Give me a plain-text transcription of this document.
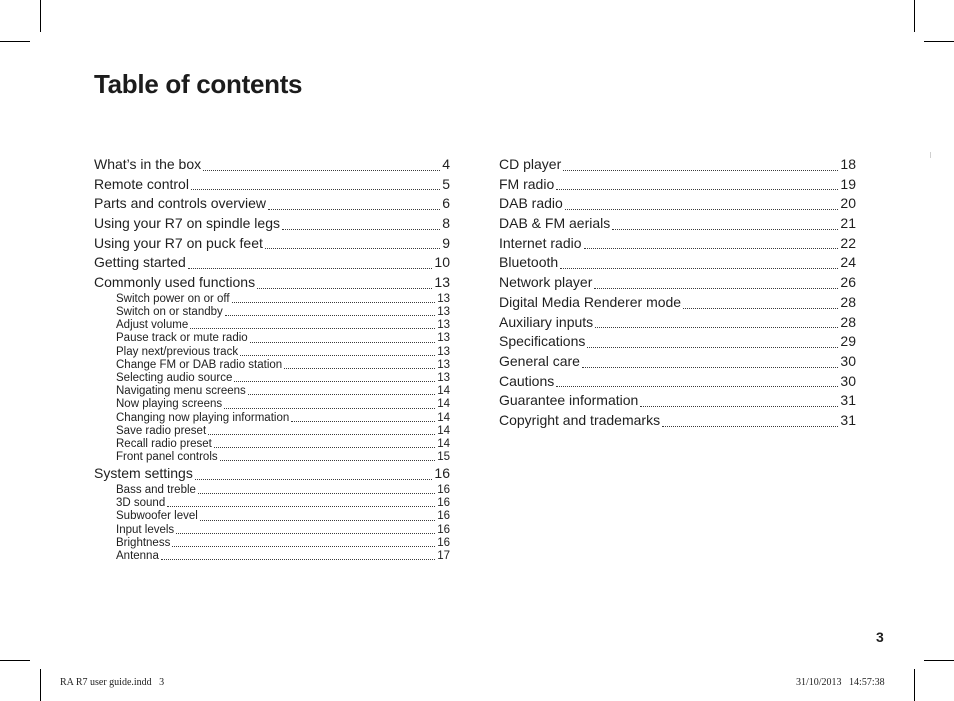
Table of contents
What’s in the box	4
Remote control	5
Parts and controls overview	6
Using your R7 on spindle legs	8
Using your R7 on puck feet	9
Getting started	10
Commonly used functions	13
Switch power on or off	13
Switch on or standby	13
Adjust volume	13
Pause track or mute radio	13
Play next/previous track	13
Change FM or DAB radio station	13
Selecting audio source	13
Navigating menu screens	14
Now playing screens	14
Changing now playing information	14
Save radio preset	14
Recall radio preset	14
Front panel controls	15
System settings	16
Bass and treble	16
3D sound	16
Subwoofer level	16
Input levels	16
Brightness	16
Antenna	17
CD player	18
FM radio	19
DAB radio	20
DAB & FM aerials	21
Internet radio	22
Bluetooth	24
Network player	26
Digital Media Renderer mode	28
Auxiliary inputs	28
Specifications	29
General care	30
Cautions	30
Guarantee information	31
Copyright and trademarks	31
3
RA R7 user guide.indd   3	31/10/2013   14:57:38
